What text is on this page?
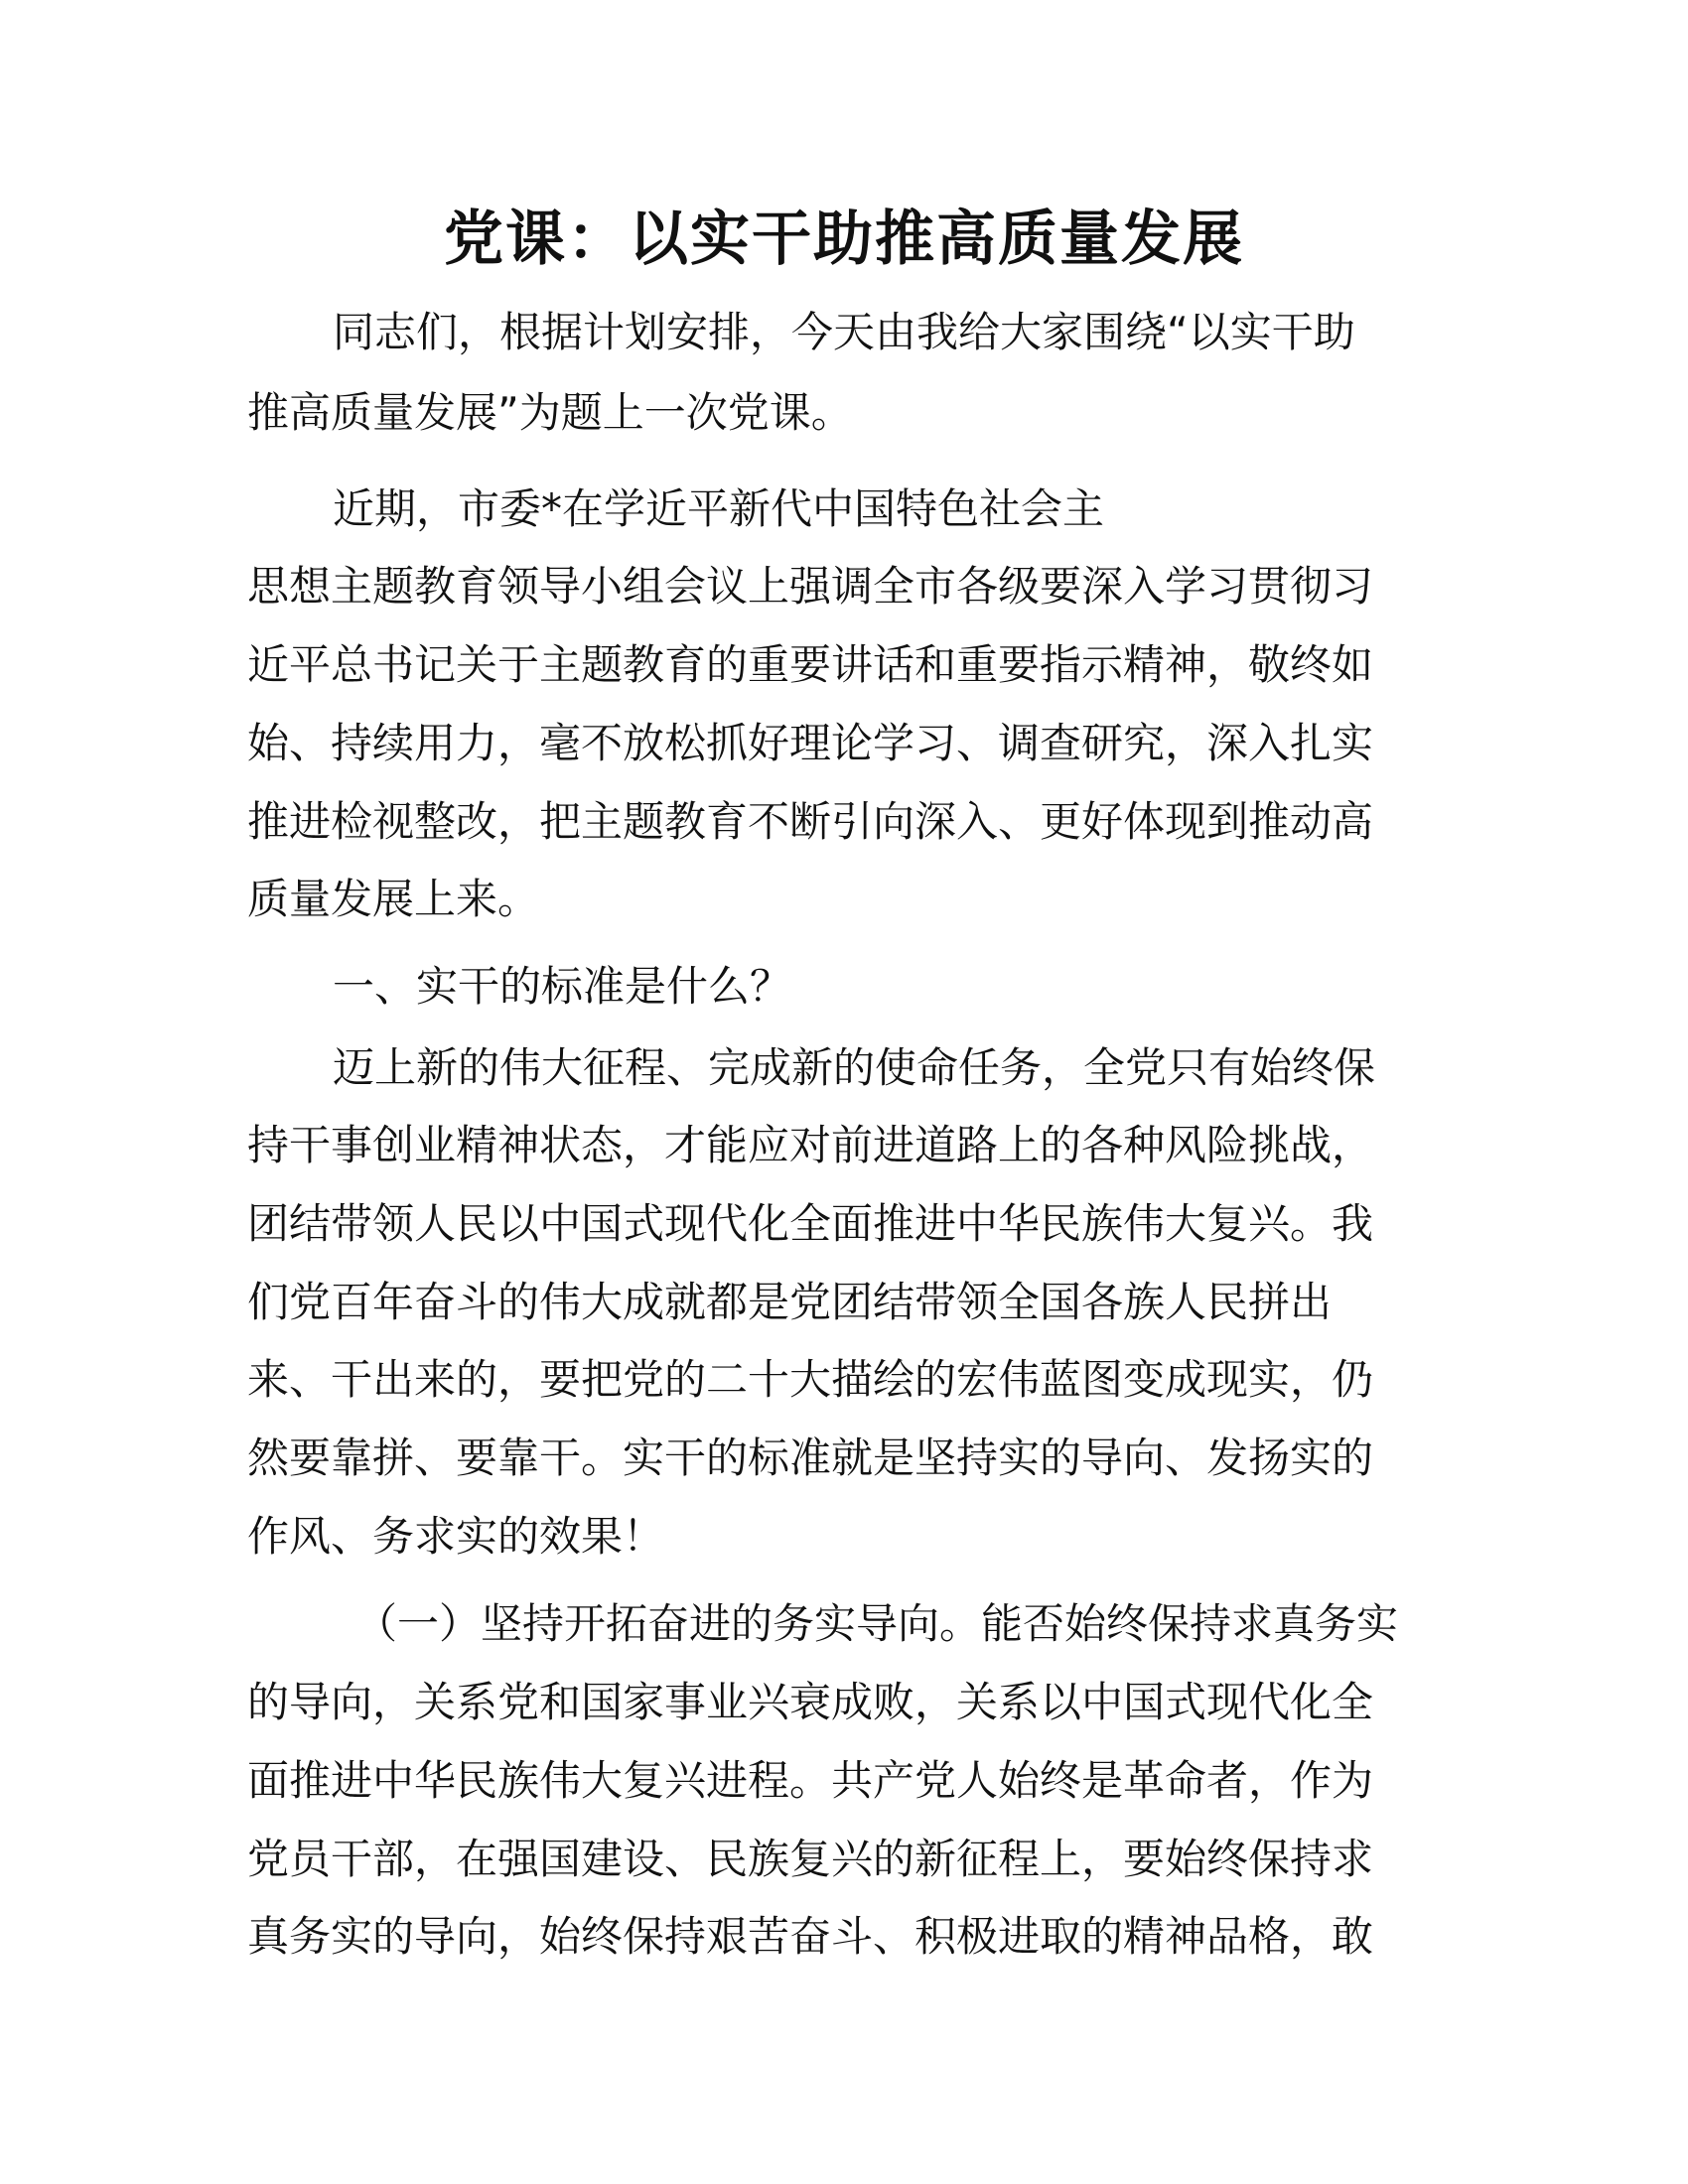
党课：以实干助推高质量发展

同志们，根据计划安排，今天由我给大家围绕“以实干助

推高质量发展”为题上一次党课。

近期，市委*在学近平新代中国特色社会主

思想主题教育领导小组会议上强调全市各级要深入学习贯彻习

近平总书记关于主题教育的重要讲话和重要指示精神，敬终如

始、持续用力，毫不放松抓好理论学习、调查研究，深入扎实

推进检视整改，把主题教育不断引向深入、更好体现到推动高

质量发展上来。

一、实干的标准是什么？

迈上新的伟大征程、完成新的使命任务，全党只有始终保

持干事创业精神状态，才能应对前进道路上的各种风险挑战，

团结带领人民以中国式现代化全面推进中华民族伟大复兴。我

们党百年奋斗的伟大成就都是党团结带领全国各族人民拼出

来、干出来的，要把党的二十大描绘的宏伟蓝图变成现实，仍

然要靠拼、要靠干。实干的标准就是坚持实的导向、发扬实的

作风、务求实的效果！

（一）坚持开拓奋进的务实导向。能否始终保持求真务实

的导向，关系党和国家事业兴衰成败，关系以中国式现代化全

面推进中华民族伟大复兴进程。共产党人始终是革命者，作为

党员干部，在强国建设、民族复兴的新征程上，要始终保持求

真务实的导向，始终保持艰苦奋斗、积极进取的精神品格，敢
